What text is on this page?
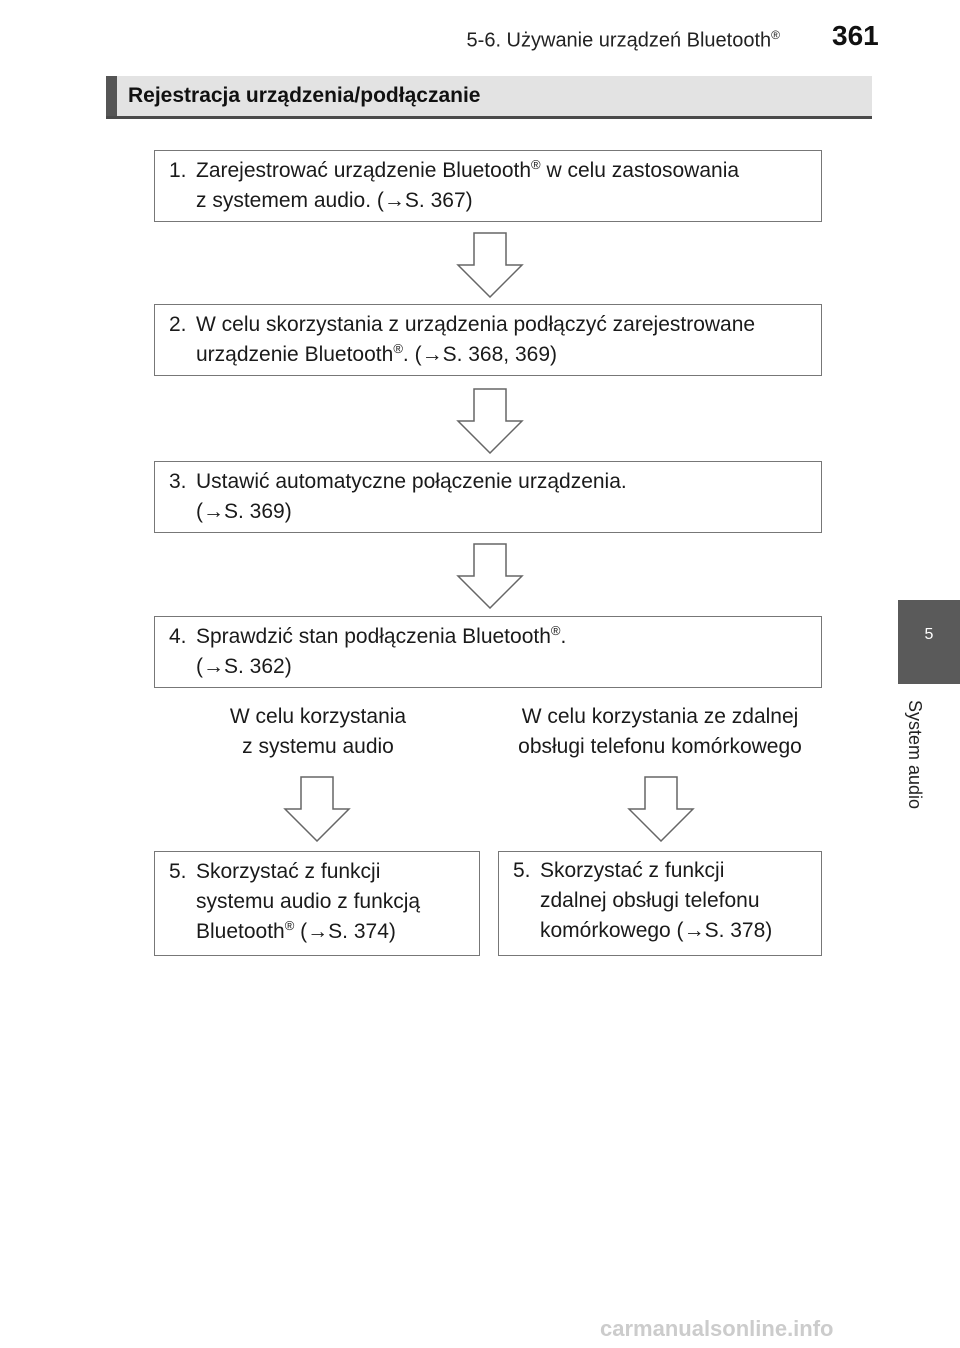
5-6. Używanie urządzeń Bluetooth® 361
Rejestracja urządzenia/podłączanie
5
System audio
1. Zarejestrować urządzenie Bluetooth® w celu zastosowania
z systemem audio. (→S. 367)
2. W celu skorzystania z urządzenia podłączyć zarejestrowane
urządzenie Bluetooth®. (→S. 368, 369)
3. Ustawić automatyczne połączenie urządzenia.
(→S. 369)
4. Sprawdzić stan podłączenia Bluetooth®.
(→S. 362)
W celu korzystania
z systemu audio
W celu korzystania ze zdalnej
obsługi telefonu komórkowego
5. Skorzystać z funkcji
systemu audio z funkcją
Bluetooth® (→S. 374)
5. Skorzystać z funkcji
zdalnej obsługi telefonu
komórkowego (→S. 378)
carmanualsonline.info
